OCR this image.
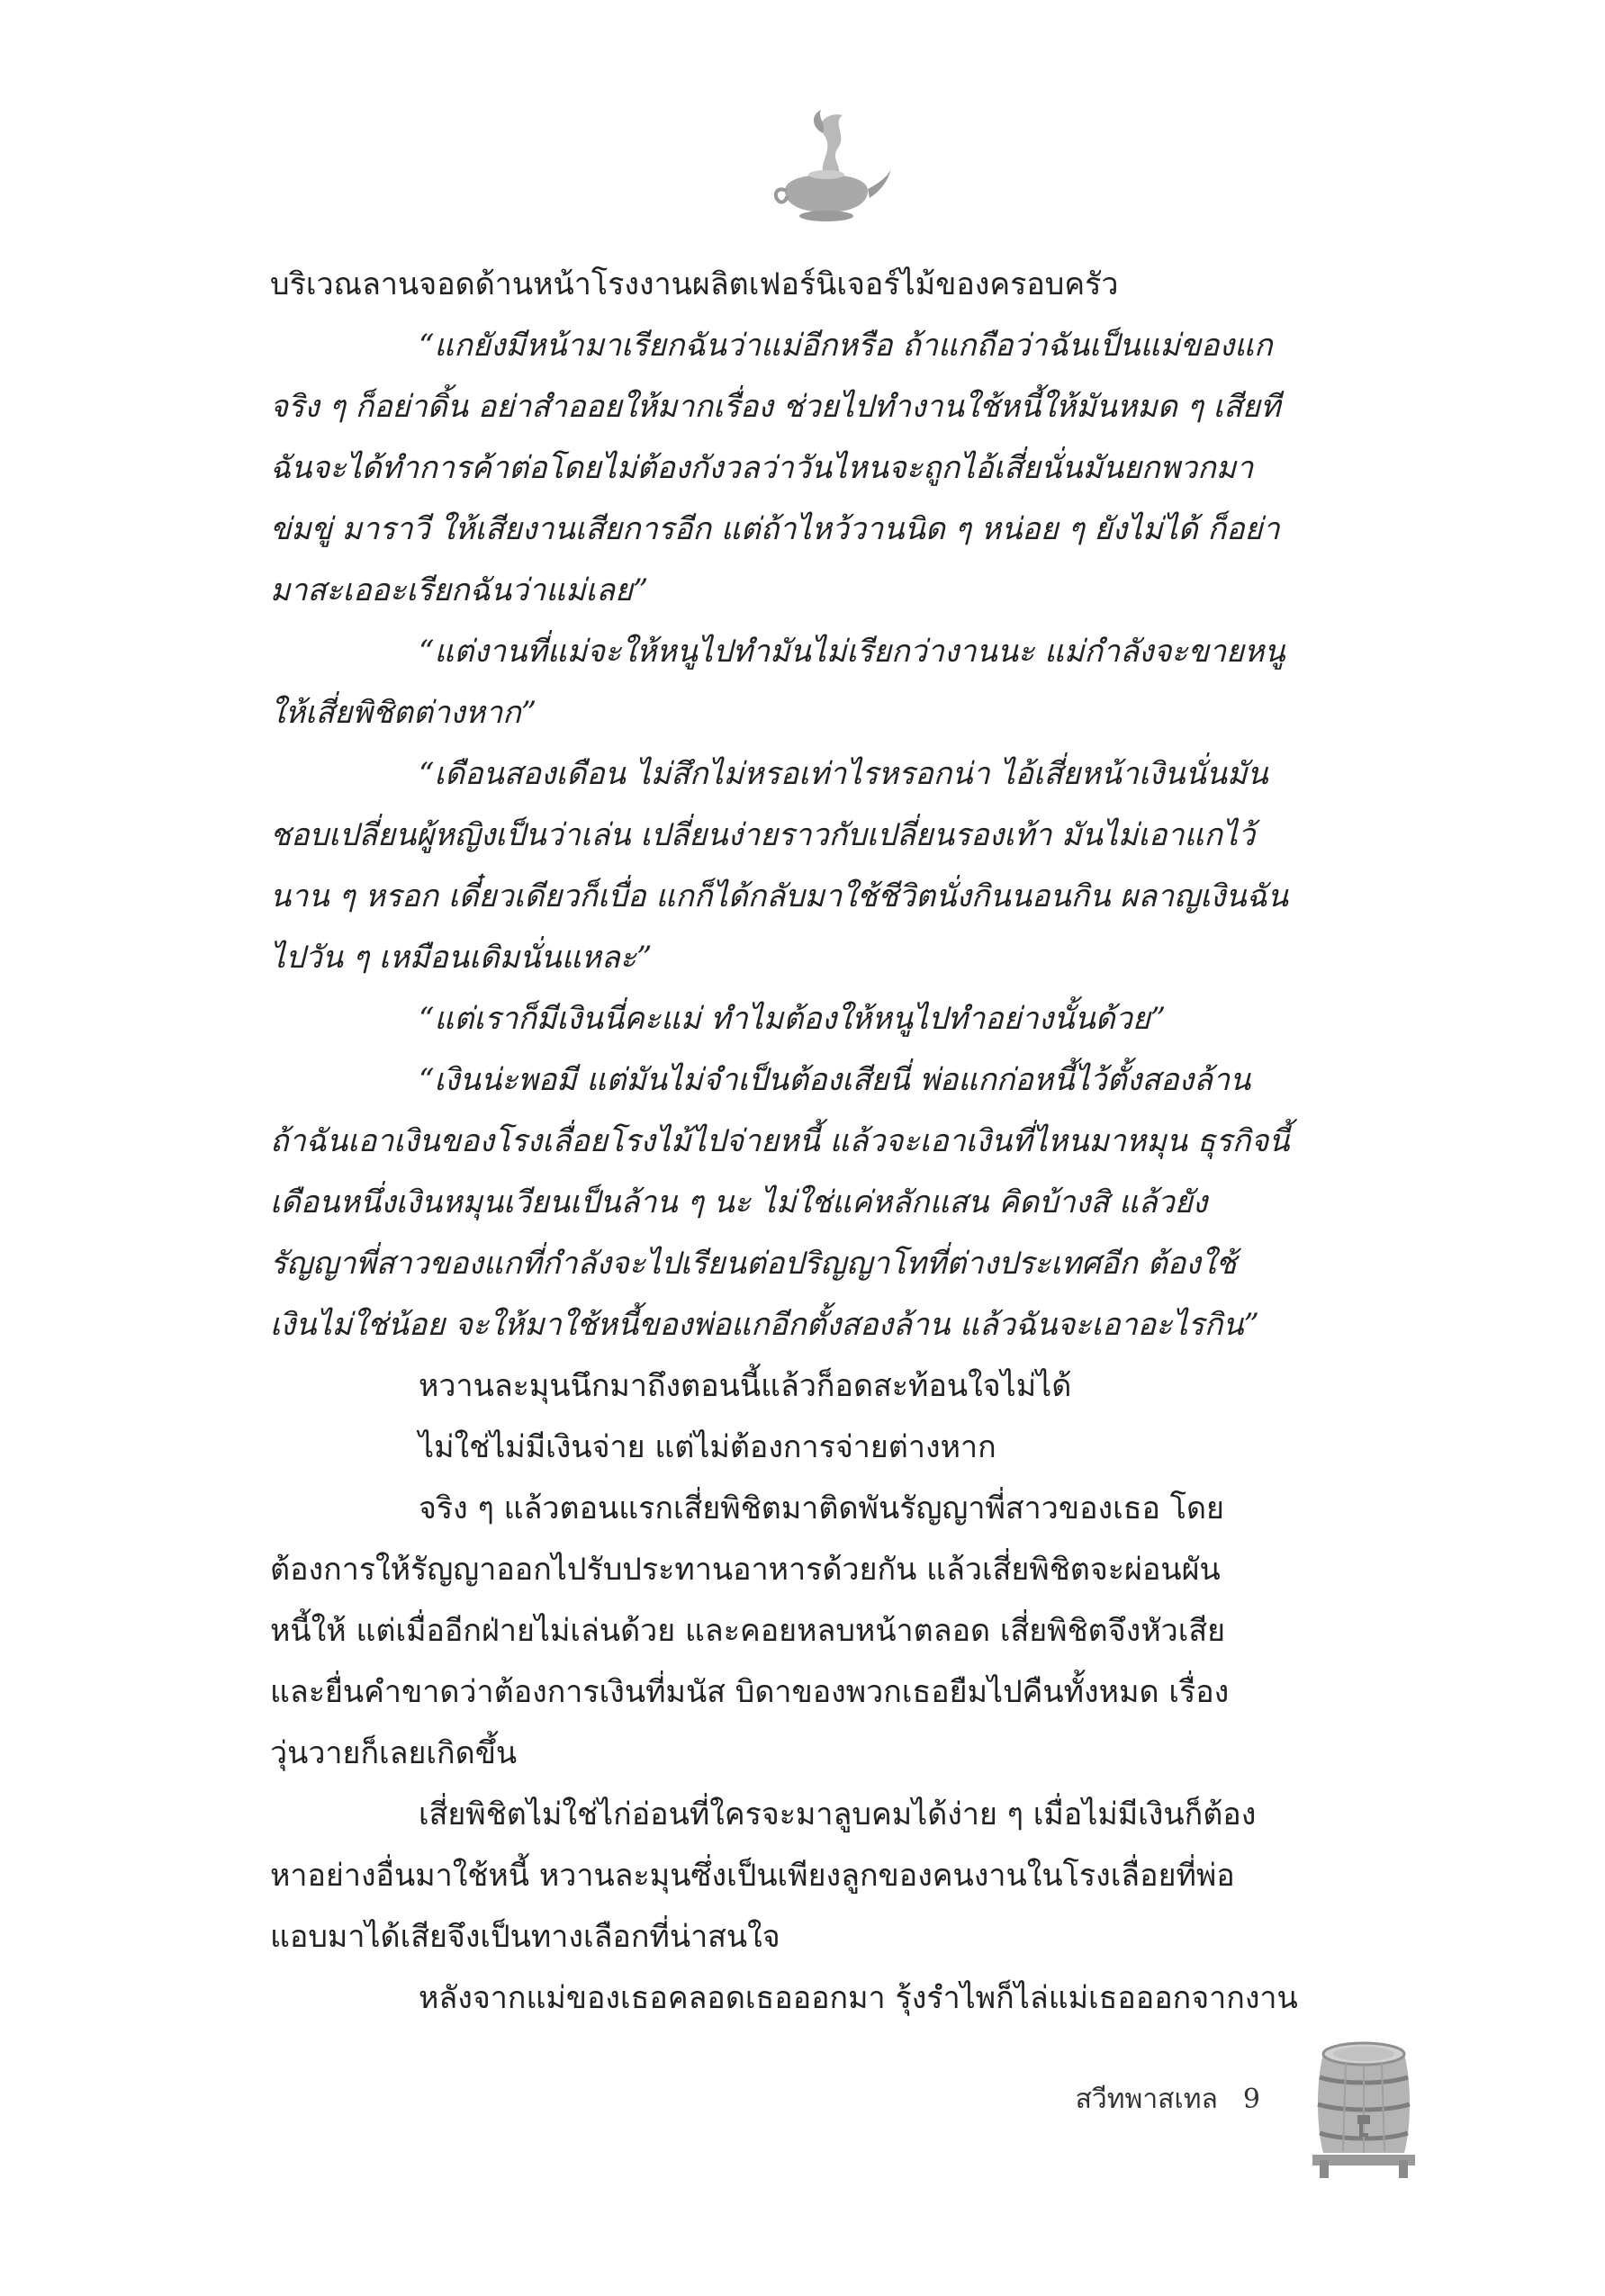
บริเวณลานจอดด้านหน้าโรงงานผลิตเฟอร์นิเจอร์ไม้ของครอบครัว
“แกยังมีหน้ามาเรียกฉันว่าแม่อีกหรือ ถ้าแกถือว่าฉันเป็นแม่ของแก
จริง ๆ ก็อย่าดิ้น อย่าสำออยให้มากเรื่อง ช่วยไปทำงานใช้หนี้ให้มันหมด ๆ เสียที
ฉันจะได้ทำการค้าต่อโดยไม่ต้องกังวลว่าวันไหนจะถูกไอ้เสี่ยนั่นมันยกพวกมา
ข่มขู่ มาราวี ให้เสียงานเสียการอีก แต่ถ้าไหว้วานนิด ๆ หน่อย ๆ ยังไม่ได้ ก็อย่า
มาสะเออะเรียกฉันว่าแม่เลย”
“แต่งานที่แม่จะให้หนูไปทำมันไม่เรียกว่างานนะ แม่กำลังจะขายหนู
ให้เสี่ยพิชิตต่างหาก”
“เดือนสองเดือน ไม่สึกไม่หรอเท่าไรหรอกน่า ไอ้เสี่ยหน้าเงินนั่นมัน
ชอบเปลี่ยนผู้หญิงเป็นว่าเล่น เปลี่ยนง่ายราวกับเปลี่ยนรองเท้า มันไม่เอาแกไว้
นาน ๆ หรอก เดี๋ยวเดียวก็เบื่อ แกก็ได้กลับมาใช้ชีวิตนั่งกินนอนกิน ผลาญเงินฉัน
ไปวัน ๆ เหมือนเดิมนั่นแหละ”
“แต่เราก็มีเงินนี่คะแม่ ทำไมต้องให้หนูไปทำอย่างนั้นด้วย”
“เงินน่ะพอมี แต่มันไม่จำเป็นต้องเสียนี่ พ่อแกก่อหนี้ไว้ตั้งสองล้าน
ถ้าฉันเอาเงินของโรงเลื่อยโรงไม้ไปจ่ายหนี้ แล้วจะเอาเงินที่ไหนมาหมุน ธุรกิจนี้
เดือนหนึ่งเงินหมุนเวียนเป็นล้าน ๆ นะ ไม่ใช่แค่หลักแสน คิดบ้างสิ แล้วยัง
รัญญาพี่สาวของแกที่กำลังจะไปเรียนต่อปริญญาโทที่ต่างประเทศอีก ต้องใช้
เงินไม่ใช่น้อย จะให้มาใช้หนี้ของพ่อแกอีกตั้งสองล้าน แล้วฉันจะเอาอะไรกิน”
หวานละมุนนึกมาถึงตอนนี้แล้วก็อดสะท้อนใจไม่ได้
ไม่ใช่ไม่มีเงินจ่าย แต่ไม่ต้องการจ่ายต่างหาก
จริง ๆ แล้วตอนแรกเสี่ยพิชิตมาติดพันรัญญาพี่สาวของเธอ โดย
ต้องการให้รัญญาออกไปรับประทานอาหารด้วยกัน แล้วเสี่ยพิชิตจะผ่อนผัน
หนี้ให้ แต่เมื่ออีกฝ่ายไม่เล่นด้วย และคอยหลบหน้าตลอด เสี่ยพิชิตจึงหัวเสีย
และยื่นคำขาดว่าต้องการเงินที่มนัส บิดาของพวกเธอยืมไปคืนทั้งหมด เรื่อง
วุ่นวายก็เลยเกิดขึ้น
เสี่ยพิชิตไม่ใช่ไก่อ่อนที่ใครจะมาลูบคมได้ง่าย ๆ เมื่อไม่มีเงินก็ต้อง
หาอย่างอื่นมาใช้หนี้ หวานละมุนซึ่งเป็นเพียงลูกของคนงานในโรงเลื่อยที่พ่อ
แอบมาได้เสียจึงเป็นทางเลือกที่น่าสนใจ
หลังจากแม่ของเธอคลอดเธอออกมา รุ้งรำไพก็ไล่แม่เธอออกจากงาน
สวีทพาสเทล 9
